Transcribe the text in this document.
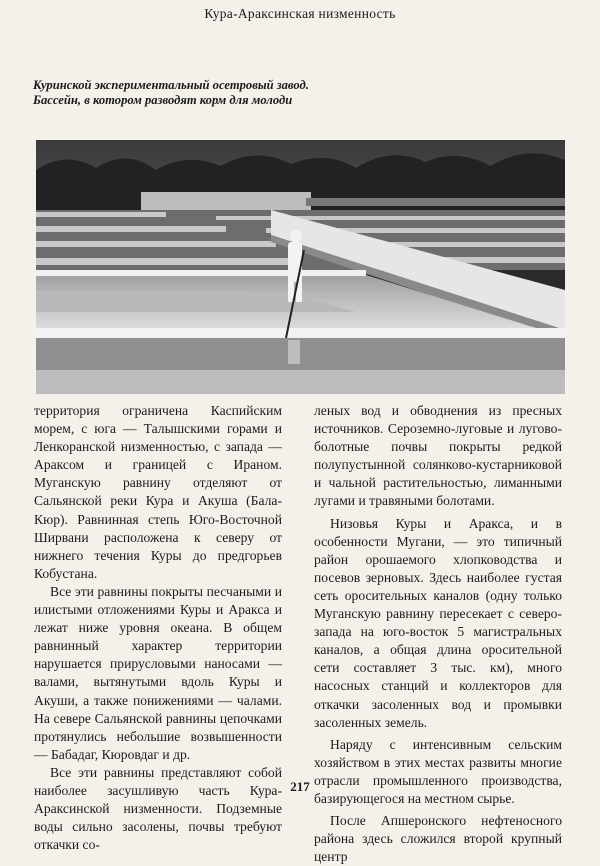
Кура-Араксинская низменность
Куринской экспериментальный осетровый завод. Бассейн, в котором разводят корм для молоди

территория ограничена Каспийским морем, с юга — Талышскими горами и Ленкоранской низменностью, с запада — Араксом и границей с Ираном. Муганскую равнину отделяют от Сальянской реки Кура и Акуша (Бала-Кюр). Равнинная степь Юго-Восточной Ширвани расположена к северу от нижнего течения Куры до предгорьев Кобустана.

Все эти равнины покрыты песчаными и илистыми отложениями Куры и Аракса и лежат ниже уровня океана. В общем равнинный характер территории нарушается прирусловыми наносами — валами, вытянутыми вдоль Куры и Акуши, а также понижениями — чалами. На севере Сальянской равнины цепочками протянулись небольшие возвышенности — Бабадаг, Кюровдаг и др.

Все эти равнины представляют собой наиболее засушливую часть Кура-Араксинской низменности. Подземные воды сильно засолены, почвы требуют откачки со-

леных вод и обводнения из пресных источников. Сероземно-луговые и лугово-болотные почвы покрыты редкой полупустынной солянково-кустарниковой и чальной растительностью, лиманными лугами и травяными болотами.

Низовья Куры и Аракса, и в особенности Мугани, — это типичный район орошаемого хлопководства и посевов зерновых. Здесь наиболее густая сеть оросительных каналов (одну только Муганскую равнину пересекает с северо-запада на юго-восток 5 магистральных каналов, а общая длина оросительной сети составляет 3 тыс. км), много насосных станций и коллекторов для откачки засоленных вод и промывки засоленных земель.

Наряду с интенсивным сельским хозяйством в этих местах развиты многие отрасли промышленного производства, базирующегося на местном сырье.

После Апшеронского нефтеносного района здесь сложился второй крупный центр

217
